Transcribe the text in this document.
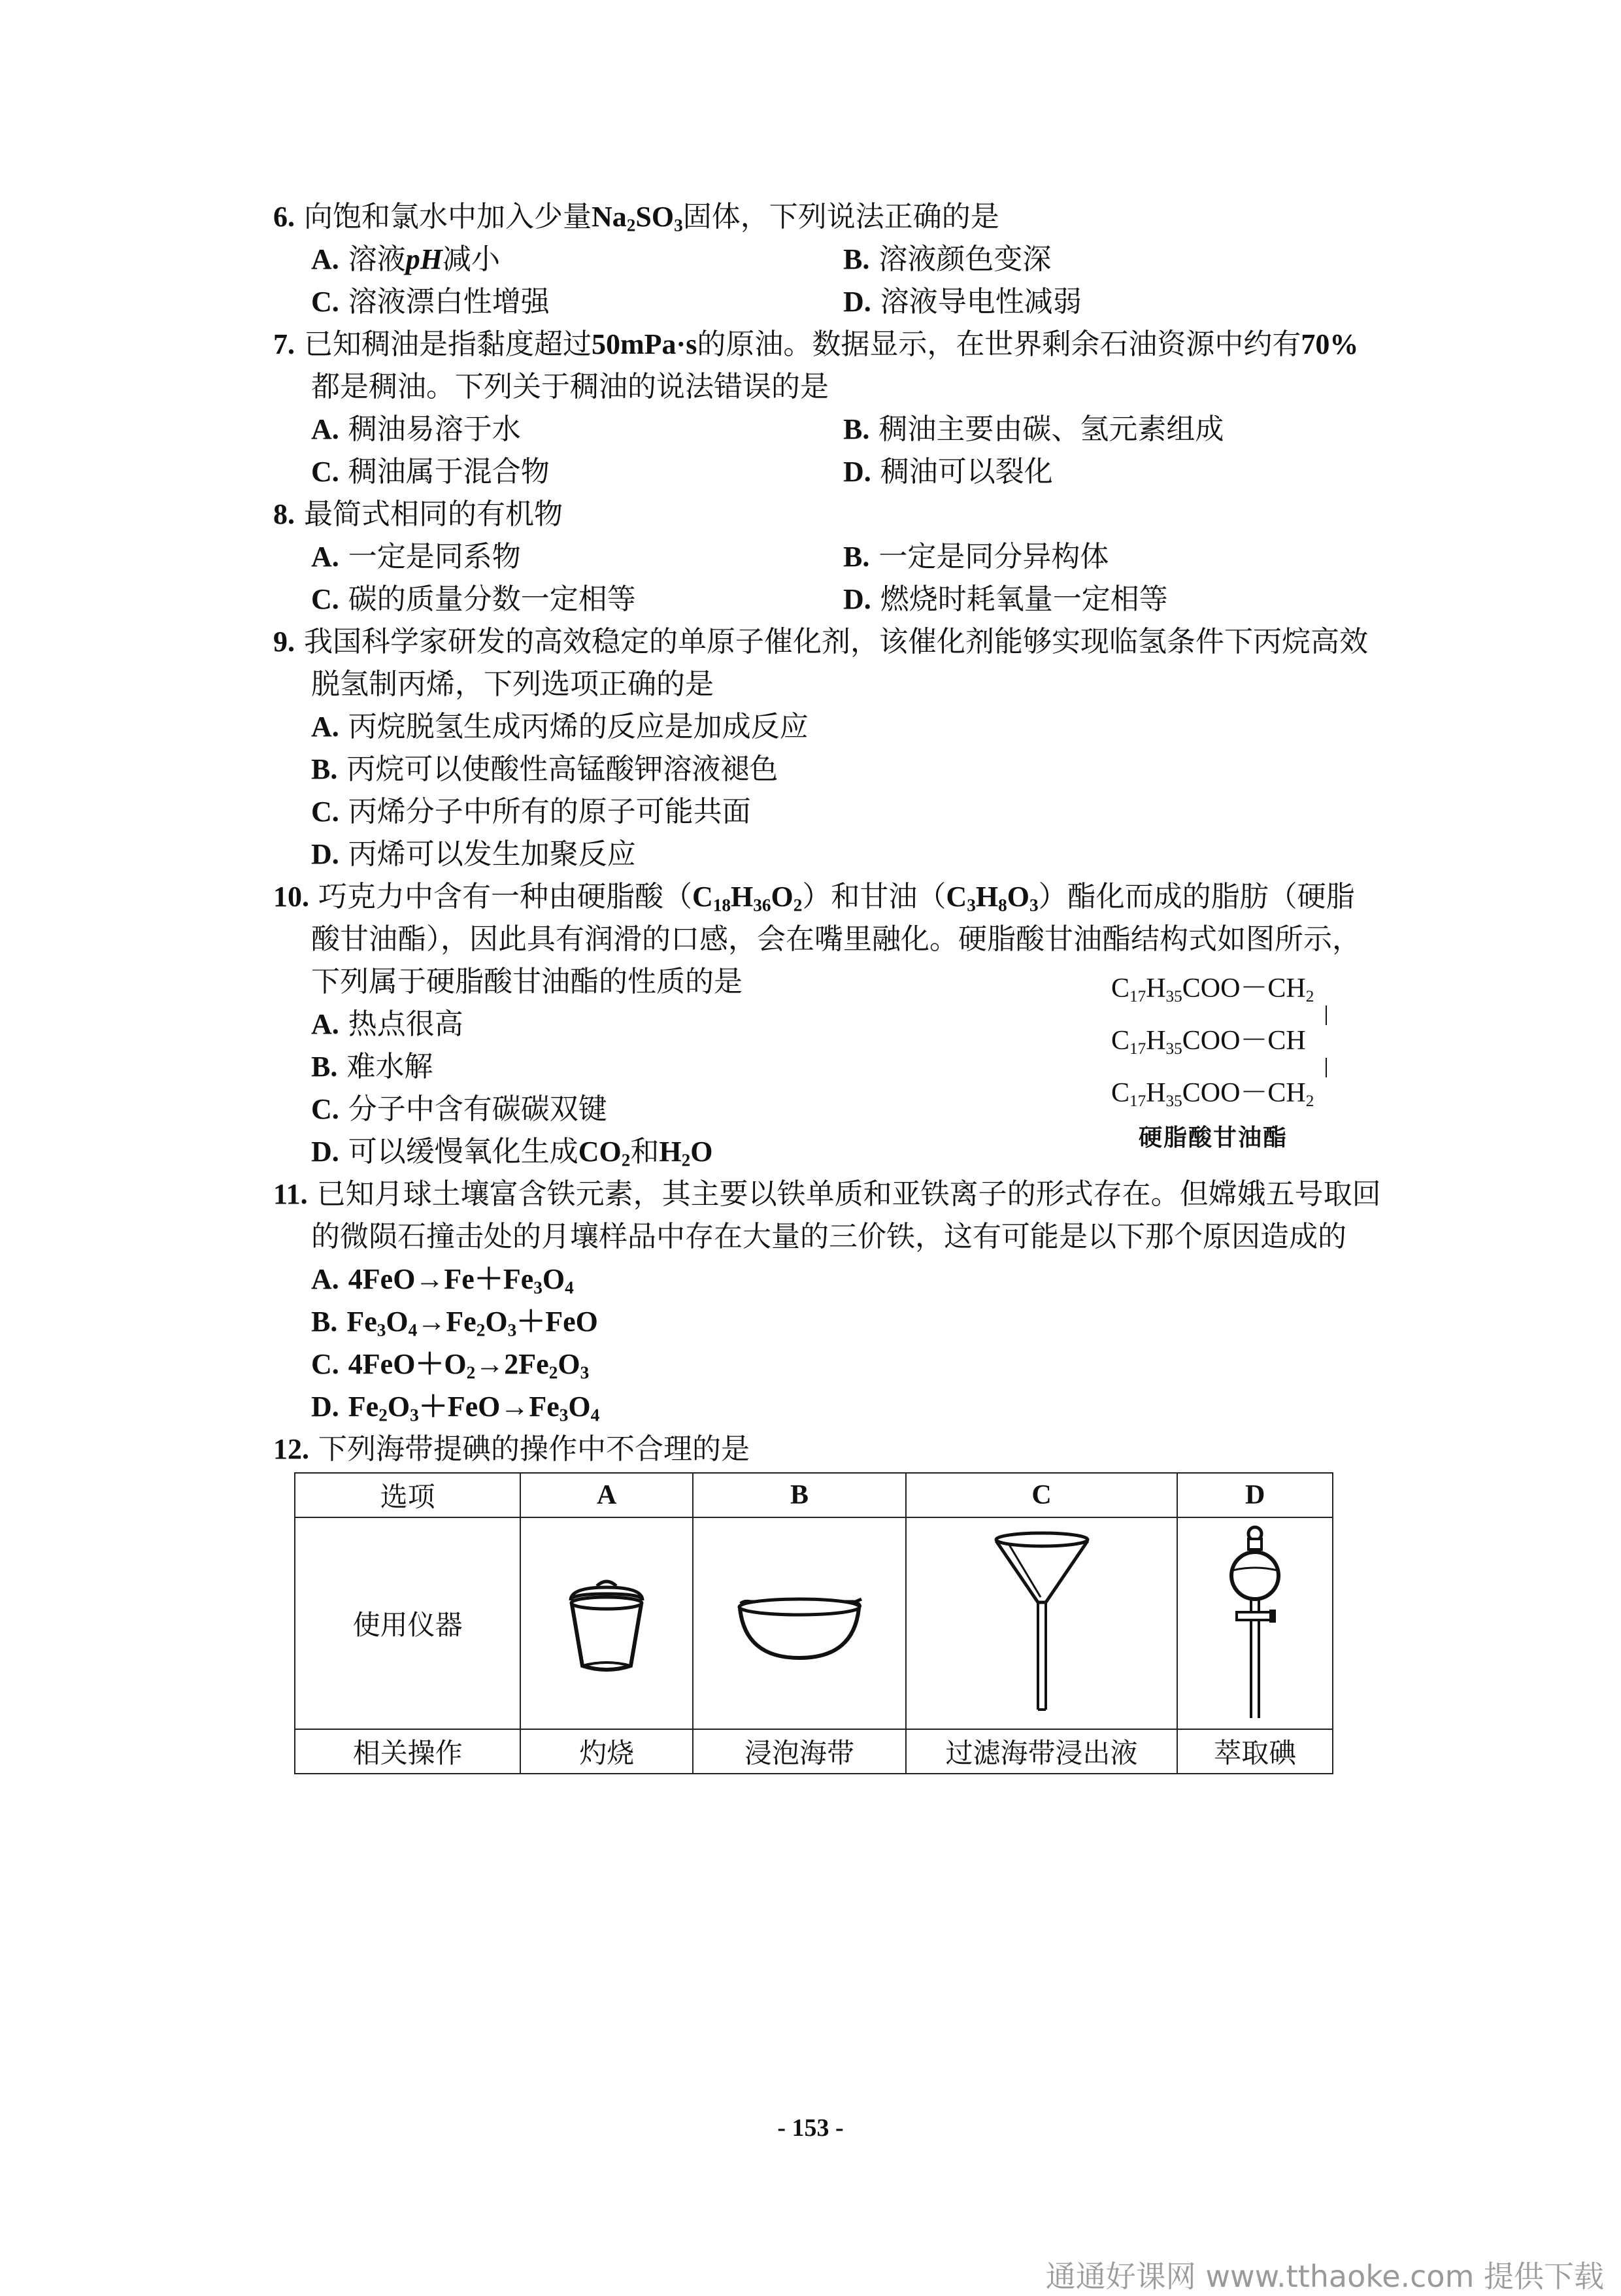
6. 向饱和氯水中加入少量$Na_2SO_3$固体，下列说法正确的是
A. 溶液pH减小	B. 溶液颜色变深
C. 溶液漂白性增强	D. 溶液导电性减弱
7. 已知稠油是指黏度超过50mPa·s的原油。数据显示，在世界剩余石油资源中约有70%
都是稠油。下列关于稠油的说法错误的是
A. 稠油易溶于水	B. 稠油主要由碳、氢元素组成
C. 稠油属于混合物	D. 稠油可以裂化
8. 最简式相同的有机物
A. 一定是同系物	B. 一定是同分异构体
C. 碳的质量分数一定相等	D. 燃烧时耗氧量一定相等
9. 我国科学家研发的高效稳定的单原子催化剂，该催化剂能够实现临氢条件下丙烷高效
脱氢制丙烯，下列选项正确的是
A. 丙烷脱氢生成丙烯的反应是加成反应
B. 丙烷可以使酸性高锰酸钾溶液褪色
C. 丙烯分子中所有的原子可能共面
D. 丙烯可以发生加聚反应
10. 巧克力中含有一种由硬脂酸$(C_{18}H_{36}O_2)$和甘油$(C_3H_8O_3)$酯化而成的脂肪（硬脂
酸甘油酯），因此具有润滑的口感，会在嘴里融化。硬脂酸甘油酯结构式如图所示，
下列属于硬脂酸甘油酯的性质的是
A. 热点很高
B. 难水解
C. 分子中含有碳碳双键
D. 可以缓慢氧化生成$CO_2$和$H_2O$
$C_{17}H_{35}COO-CH_2$
$C_{17}H_{35}COO-CH$
$C_{17}H_{35}COO-CH_2$
硬脂酸甘油酯
11. 已知月球土壤富含铁元素，其主要以铁单质和亚铁离子的形式存在。但嫦娥五号取回
的微陨石撞击处的月壤样品中存在大量的三价铁，这有可能是以下那个原因造成的
A. $4FeO\to Fe+Fe_3O_4$
B. $Fe_3O_4\to Fe_2O_3+FeO$
C. $4FeO+O_2\to 2Fe_2O_3$
D. $Fe_2O_3+FeO\to Fe_3O_4$
12. 下列海带提碘的操作中不合理的是
选项	A	B	C	D
使用仪器				
相关操作	灼烧	浸泡海带	过滤海带浸出液	萃取碘
- 153 -
通通好课网 www.tthaoke.com 提供下载
